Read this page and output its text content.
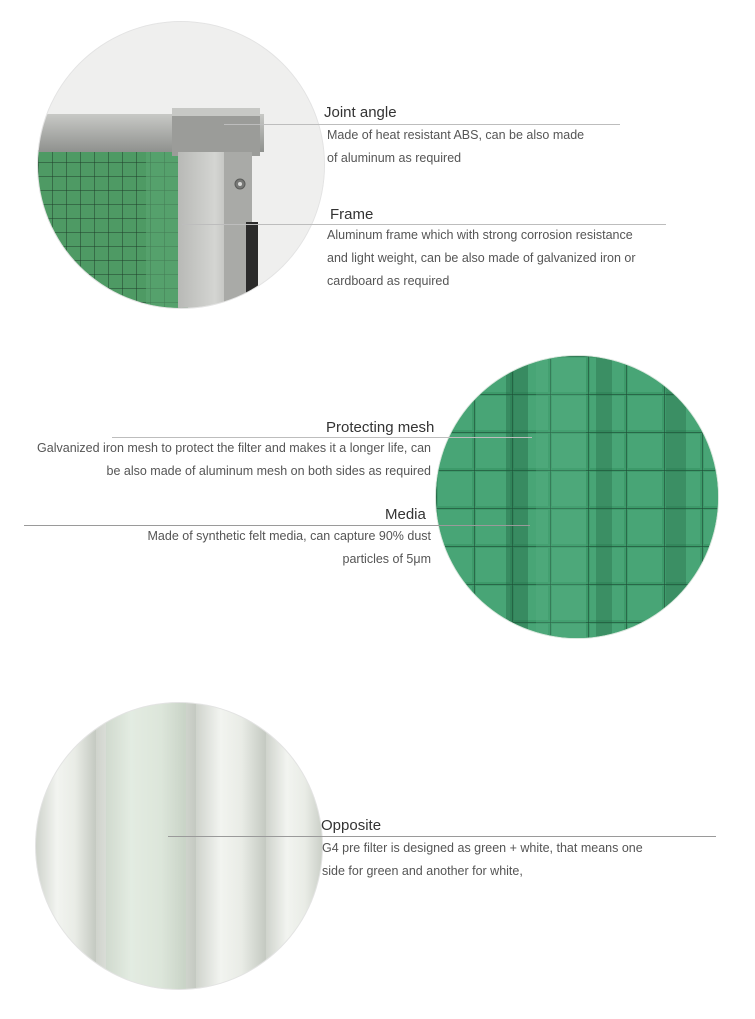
Joint angle
Made of heat resistant ABS, can be also made
of aluminum as required
Frame
Aluminum frame which with strong corrosion resistance
and light weight, can be also made of galvanized iron or
cardboard as required
Protecting mesh
Galvanized iron mesh to protect the filter and makes it a longer life, can
be also made of aluminum mesh on both sides as required
Media
Made of synthetic felt media, can capture 90% dust
particles of 5μm
Opposite
G4 pre filter is designed as green + white, that means one
side for green and another for white,
